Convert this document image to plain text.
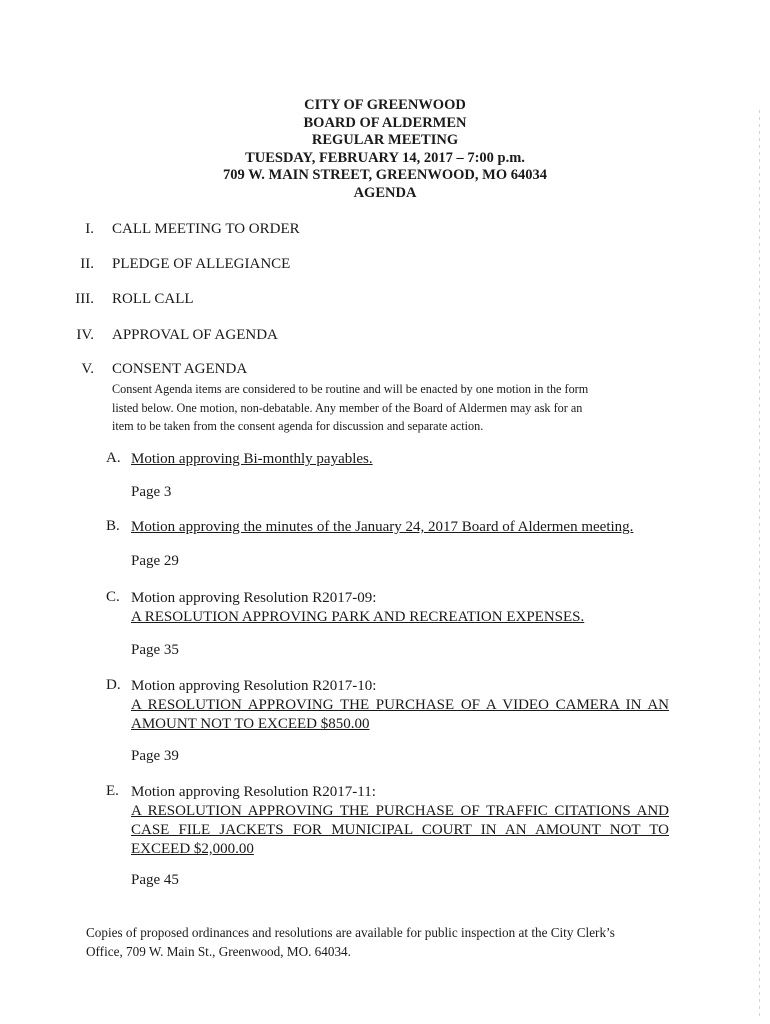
CITY OF GREENWOOD
BOARD OF ALDERMEN
REGULAR MEETING
TUESDAY, FEBRUARY 14, 2017 – 7:00 p.m.
709 W. MAIN STREET, GREENWOOD, MO 64034
AGENDA
I. CALL MEETING TO ORDER
II. PLEDGE OF ALLEGIANCE
III. ROLL CALL
IV. APPROVAL OF AGENDA
V. CONSENT AGENDA
Consent Agenda items are considered to be routine and will be enacted by one motion in the form
listed below. One motion, non-debatable. Any member of the Board of Aldermen may ask for an
item to be taken from the consent agenda for discussion and separate action.
A. Motion approving Bi-monthly payables.
Page 3
B. Motion approving the minutes of the January 24, 2017 Board of Aldermen meeting.
Page 29
C. Motion approving Resolution R2017-09:
A RESOLUTION APPROVING PARK AND RECREATION EXPENSES.
Page 35
D. Motion approving Resolution R2017-10:
A RESOLUTION APPROVING THE PURCHASE OF A VIDEO CAMERA IN AN
AMOUNT NOT TO EXCEED $850.00
Page 39
E. Motion approving Resolution R2017-11:
A RESOLUTION APPROVING THE PURCHASE OF TRAFFIC CITATIONS AND
CASE FILE JACKETS FOR MUNICIPAL COURT IN AN AMOUNT NOT TO
EXCEED $2,000.00
Page 45
Copies of proposed ordinances and resolutions are available for public inspection at the City Clerk’s
Office, 709 W. Main St., Greenwood, MO. 64034.
